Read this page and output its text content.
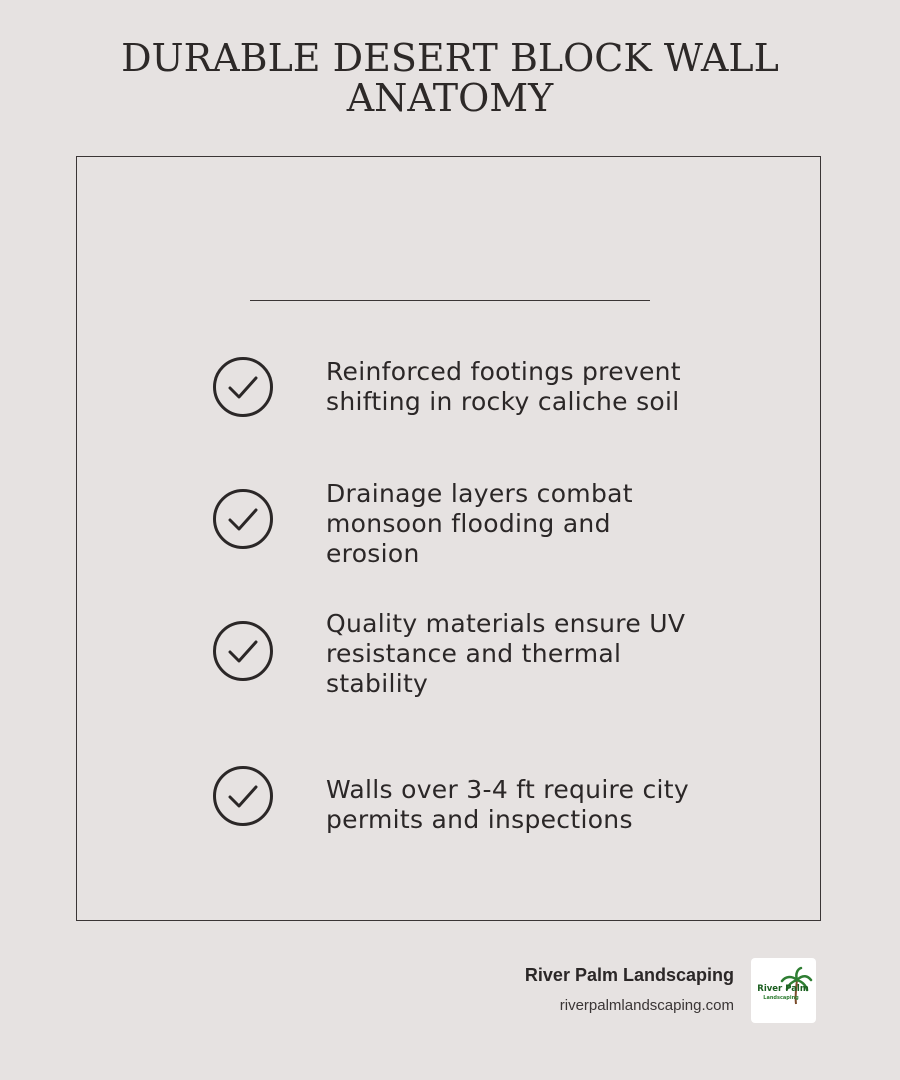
DURABLE DESERT BLOCK WALL
ANATOMY
Reinforced footings prevent
shifting in rocky caliche soil
Drainage layers combat
monsoon flooding and
erosion
Quality materials ensure UV
resistance and thermal
stability
Walls over 3-4 ft require city
permits and inspections
River Palm Landscaping
riverpalmlandscaping.com
River Palm
Landscaping
